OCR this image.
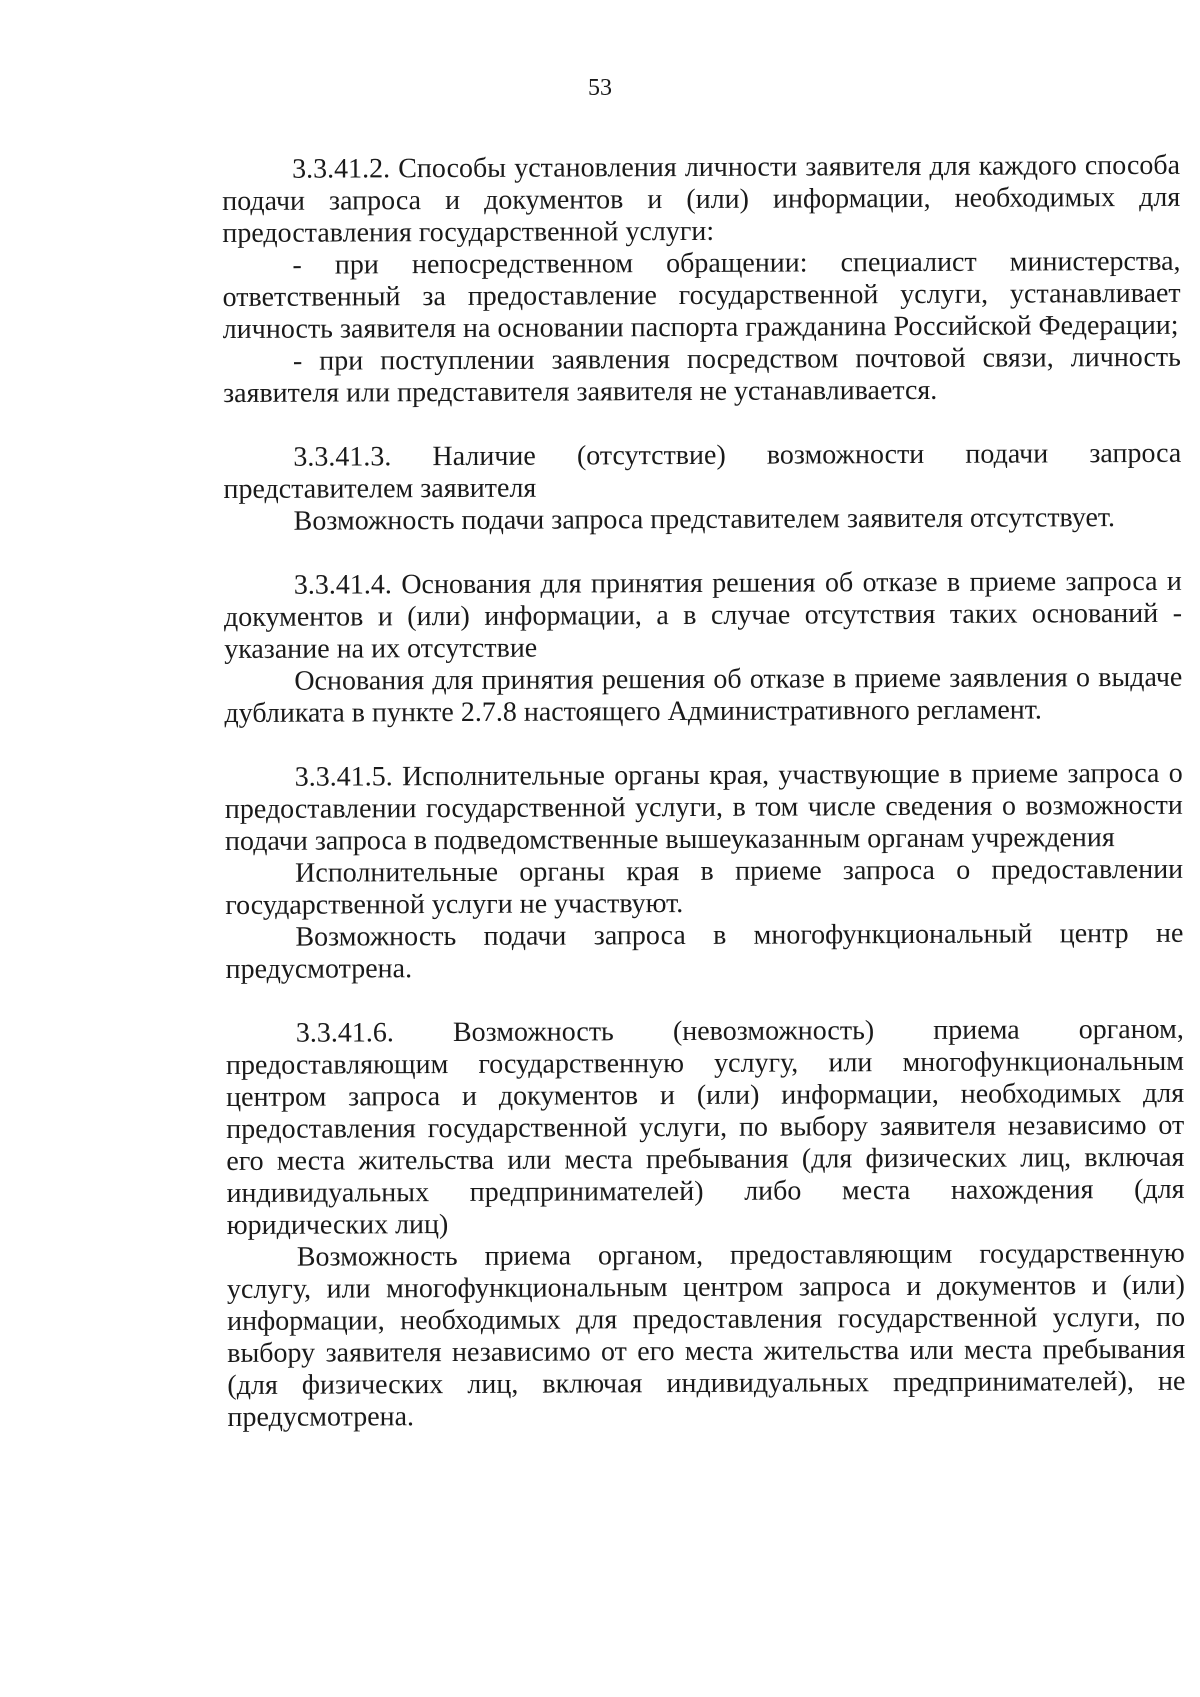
53

3.3.41.2. Способы установления личности заявителя для каждого способа подачи запроса и документов и (или) информации, необходимых для предоставления государственной услуги:

- при непосредственном обращении: специалист министерства, ответственный за предоставление государственной услуги, устанавливает личность заявителя на основании паспорта гражданина Российской Федерации;

- при поступлении заявления посредством почтовой связи, личность заявителя или представителя заявителя не устанавливается.

3.3.41.3. Наличие (отсутствие) возможности подачи запроса представителем заявителя

Возможность подачи запроса представителем заявителя отсутствует.

3.3.41.4. Основания для принятия решения об отказе в приеме запроса и документов и (или) информации, а в случае отсутствия таких оснований - указание на их отсутствие

Основания для принятия решения об отказе в приеме заявления о выдаче дубликата в пункте 2.7.8 настоящего Административного регламент.

3.3.41.5. Исполнительные органы края, участвующие в приеме запроса о предоставлении государственной услуги, в том числе сведения о возможности подачи запроса в подведомственные вышеуказанным органам учреждения

Исполнительные органы края в приеме запроса о предоставлении государственной услуги не участвуют.

Возможность подачи запроса в многофункциональный центр не предусмотрена.

3.3.41.6. Возможность (невозможность) приема органом, предоставляющим государственную услугу, или многофункциональным центром запроса и документов и (или) информации, необходимых для предоставления государственной услуги, по выбору заявителя независимо от его места жительства или места пребывания (для физических лиц, включая индивидуальных предпринимателей) либо места нахождения (для юридических лиц)

Возможность приема органом, предоставляющим государственную услугу, или многофункциональным центром запроса и документов и (или) информации, необходимых для предоставления государственной услуги, по выбору заявителя независимо от его места жительства или места пребывания (для физических лиц, включая индивидуальных предпринимателей), не предусмотрена.
